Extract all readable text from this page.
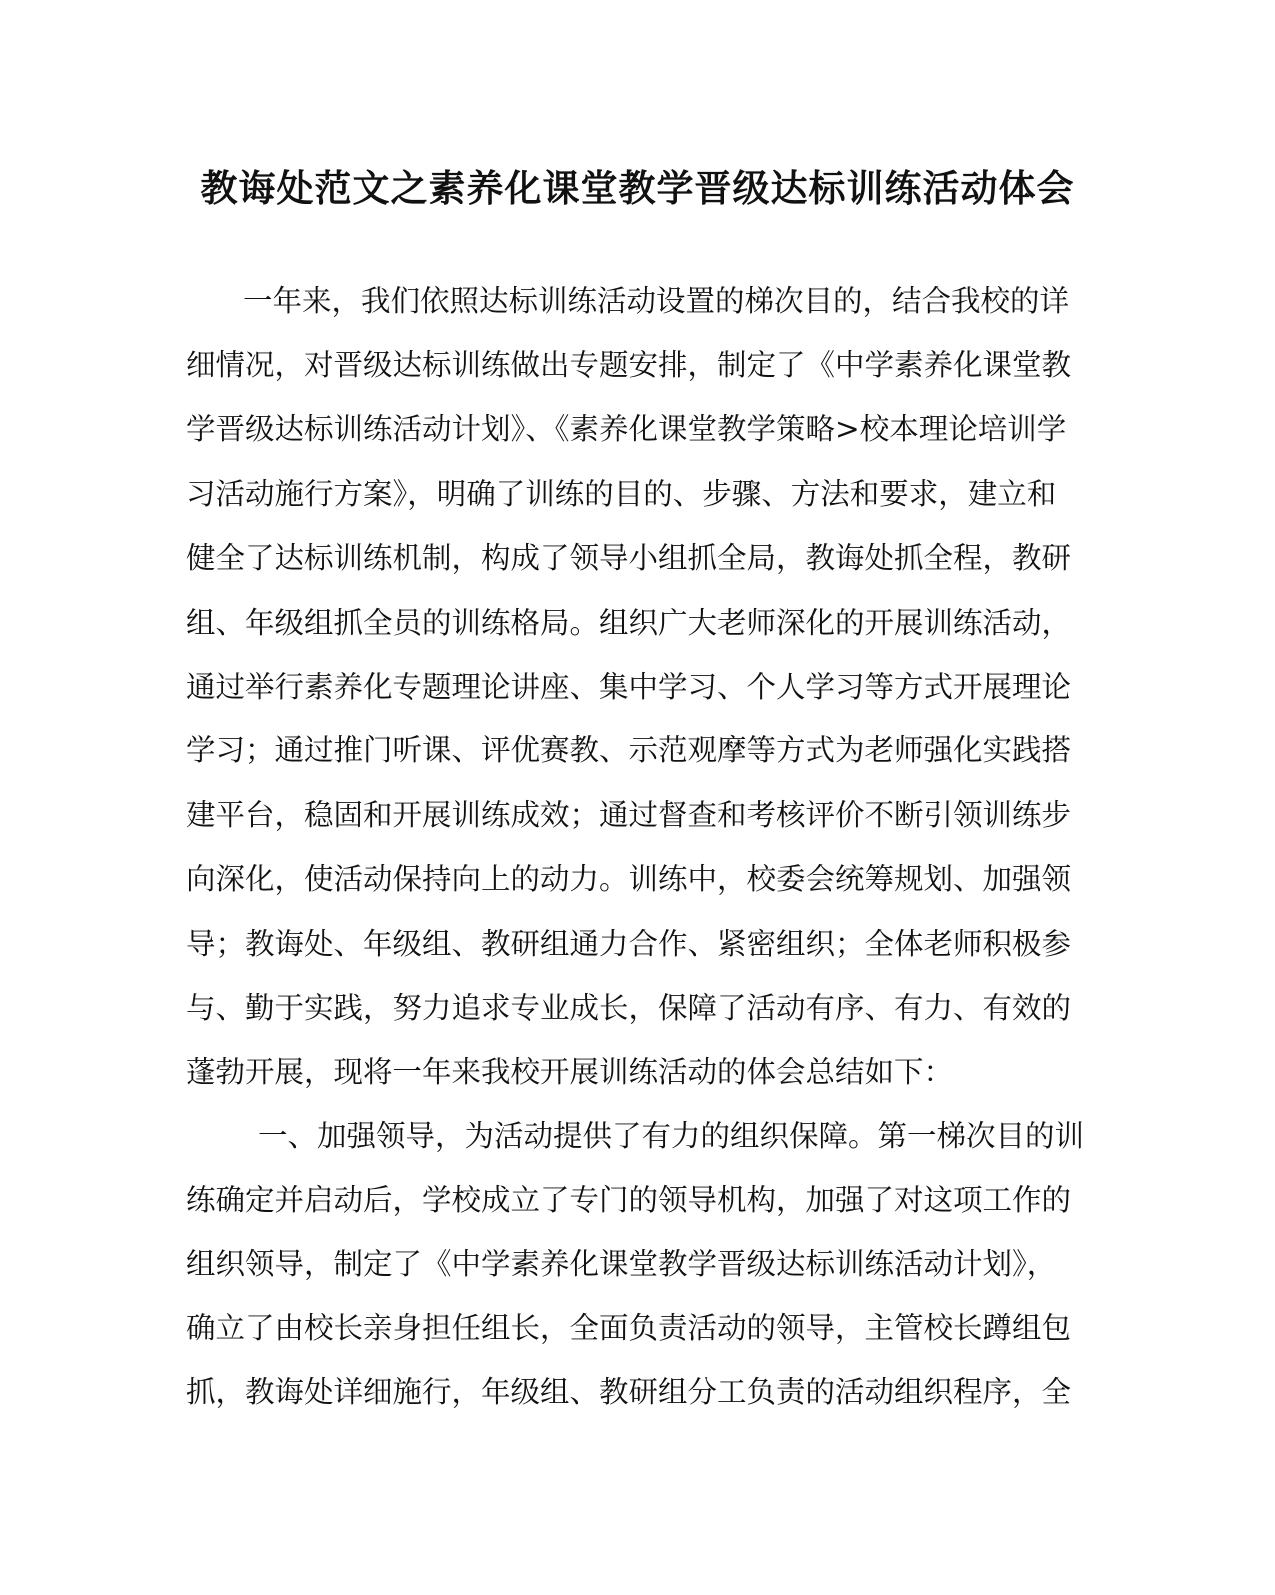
教诲处范文之素养化课堂教学晋级达标训练活动体会

一年来，我们依照达标训练活动设置的梯次目的，结合我校的详

细情况，对晋级达标训练做出专题安排，制定了《中学素养化课堂教

学晋级达标训练活动计划》、《素养化课堂教学策略>校本理论培训学

习活动施行方案》，明确了训练的目的、步骤、方法和要求，建立和

健全了达标训练机制，构成了领导小组抓全局，教诲处抓全程，教研

组、年级组抓全员的训练格局。组织广大老师深化的开展训练活动，

通过举行素养化专题理论讲座、集中学习、个人学习等方式开展理论

学习；通过推门听课、评优赛教、示范观摩等方式为老师强化实践搭

建平台，稳固和开展训练成效；通过督查和考核评价不断引领训练步

向深化，使活动保持向上的动力。训练中，校委会统筹规划、加强领

导；教诲处、年级组、教研组通力合作、紧密组织；全体老师积极参

与、勤于实践，努力追求专业成长，保障了活动有序、有力、有效的

蓬勃开展，现将一年来我校开展训练活动的体会总结如下：

一、加强领导，为活动提供了有力的组织保障。第一梯次目的训

练确定并启动后，学校成立了专门的领导机构，加强了对这项工作的

组织领导，制定了《中学素养化课堂教学晋级达标训练活动计划》，

确立了由校长亲身担任组长，全面负责活动的领导，主管校长蹲组包

抓，教诲处详细施行，年级组、教研组分工负责的活动组织程序，全
